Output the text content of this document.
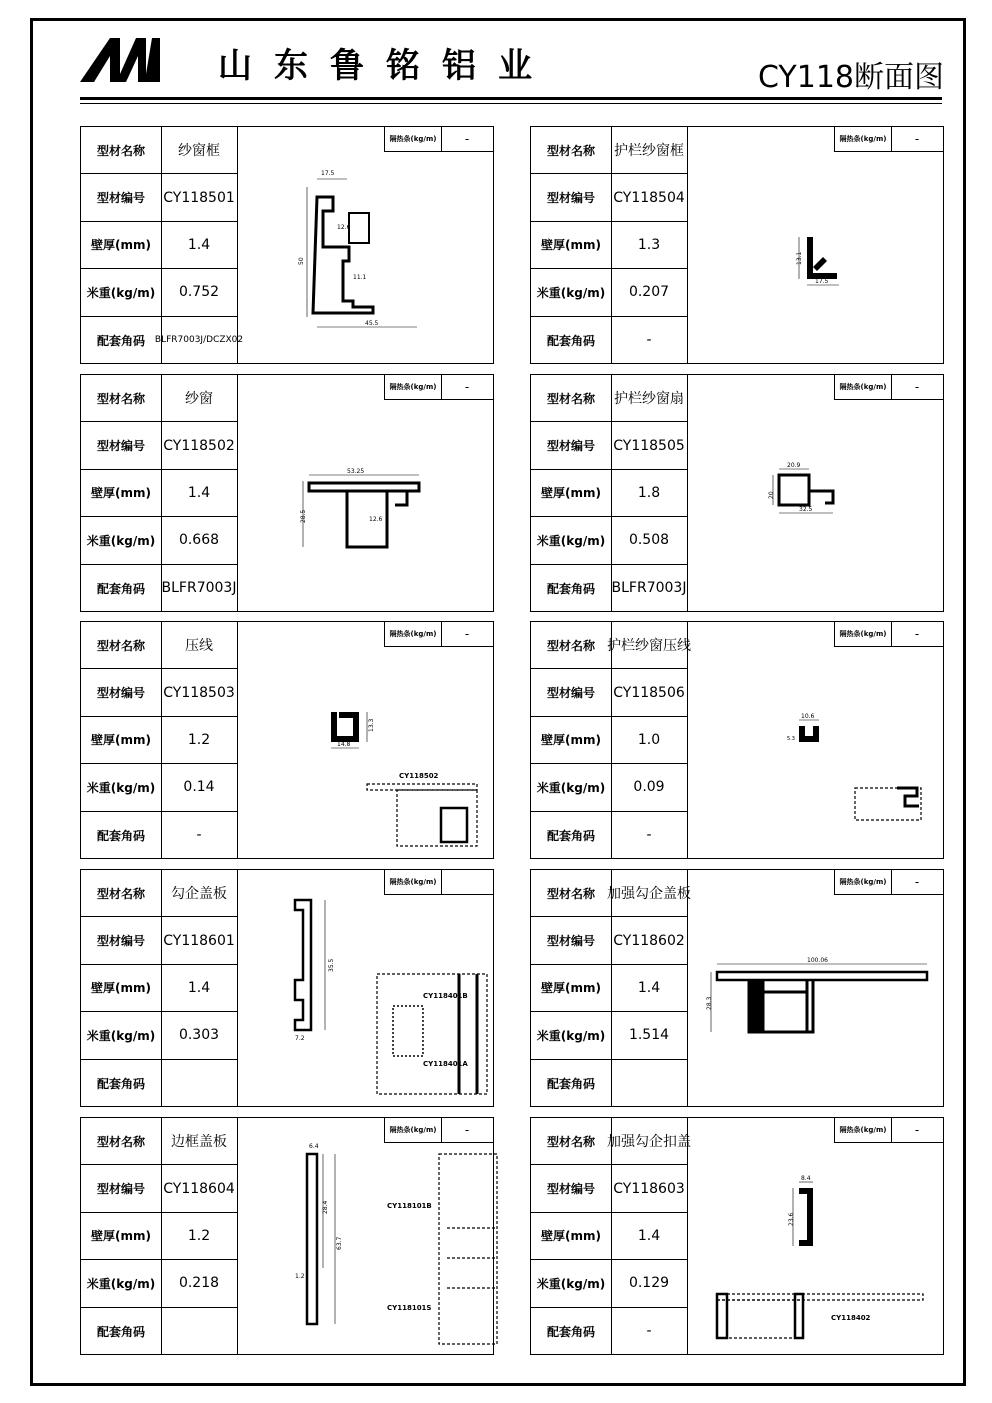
LM
山东鲁铭铝业	CY118断面图
型材名称	纱窗框
型材编号	CY118501
壁厚(mm)	1.4
米重(kg/m)	0.752
配套角码	BLFR7003J/DCZX02
17.5
12.6
50
11.1
45.5
隔热条(kg/m)	-
型材名称	护栏纱窗框
型材编号	CY118504
壁厚(mm)	1.3
米重(kg/m)	0.207
配套角码	-
13.1
17.5
隔热条(kg/m)	-
型材名称	纱窗
型材编号	CY118502
壁厚(mm)	1.4
米重(kg/m)	0.668
配套角码	BLFR7003J
53.25
28.5	12.6
隔热条(kg/m)	-
型材名称	护栏纱窗扇
型材编号	CY118505
壁厚(mm)	1.8
米重(kg/m)	0.508
配套角码	BLFR7003J
20.9
20
32.5
隔热条(kg/m)	-
型材名称	压线
型材编号	CY118503
壁厚(mm)	1.2
米重(kg/m)	0.14
配套角码	-
13.3
14.8
CY118502
隔热条(kg/m)	-
型材名称 护栏纱窗压线
型材编号	CY118506
壁厚(mm)	1.0
米重(kg/m)	0.09
配套角码	-
10.6
5.3
隔热条(kg/m)	-
型材名称	勾企盖板
型材编号	CY118601
壁厚(mm)	1.4
米重(kg/m)	0.303
配套角码
35.5
7.2
CY118401B
CY118401A
隔热条(kg/m)
型材名称 加强勾企盖板
型材编号	CY118602
壁厚(mm)	1.4
米重(kg/m)	1.514
配套角码
100.06
28.3
隔热条(kg/m)	-
型材名称	边框盖板
型材编号	CY118604
壁厚(mm)	1.2
米重(kg/m)	0.218
配套角码
6.4
28.4
63.7
1.2
CY118101B
CY118101S
隔热条(kg/m)	-
型材名称 加强勾企扣盖
型材编号	CY118603
壁厚(mm)	1.4
米重(kg/m)	0.129
配套角码	-
8.4
23.6
CY118402
隔热条(kg/m)	-
